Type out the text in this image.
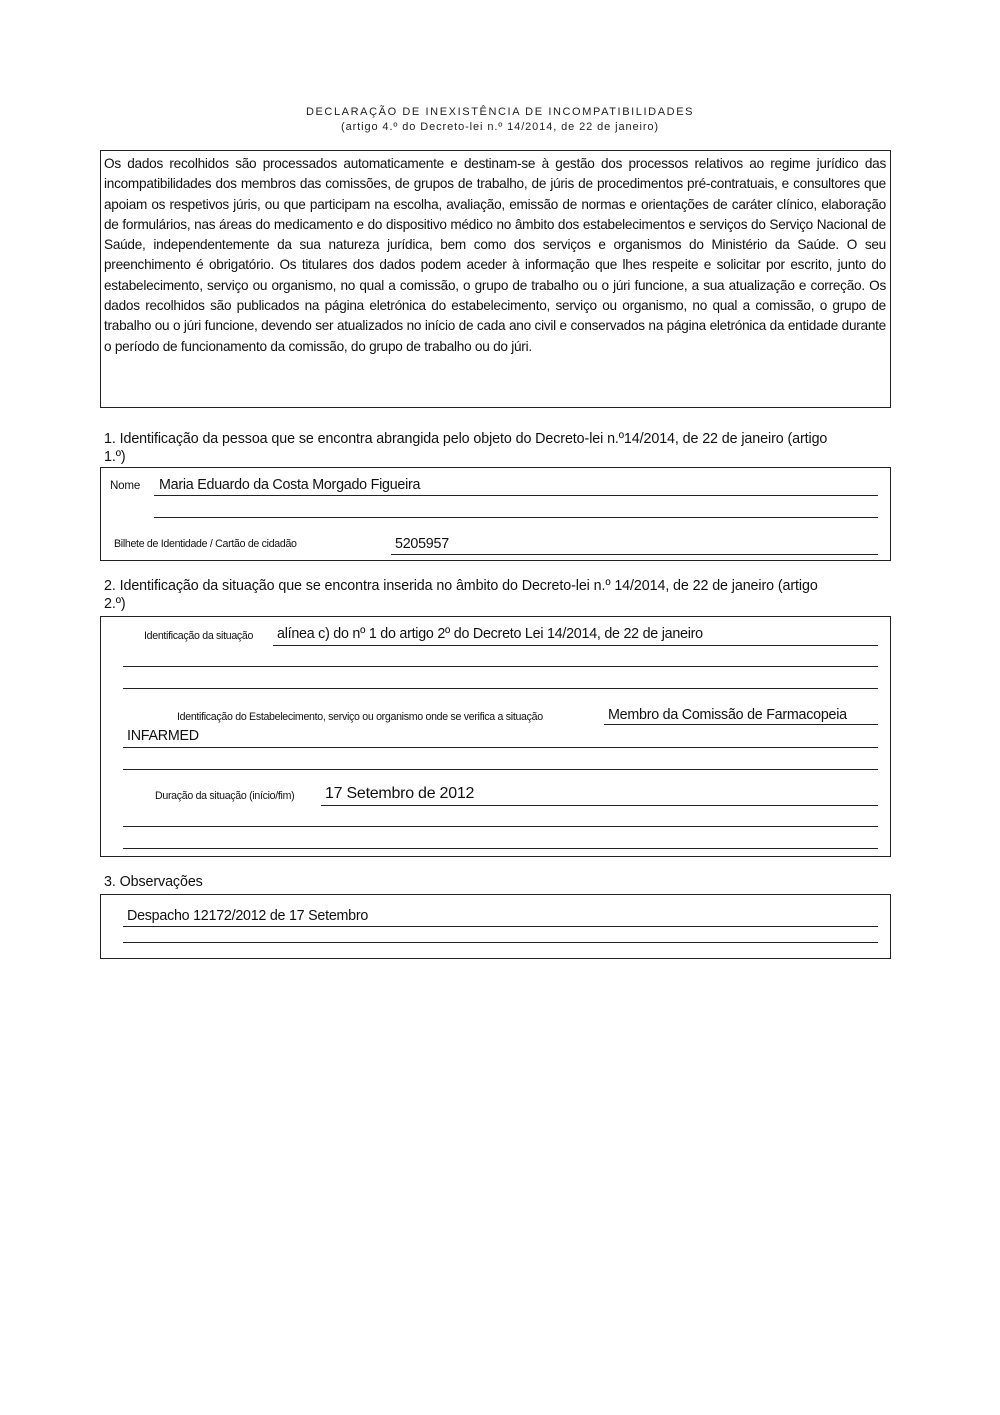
DECLARAÇÃO DE INEXISTÊNCIA DE INCOMPATIBILIDADES
(artigo 4.º do Decreto-lei n.º 14/2014, de 22 de janeiro)
Os dados recolhidos são processados automaticamente e destinam-se à gestão dos processos relativos ao regime jurídico das incompatibilidades dos membros das comissões, de grupos de trabalho, de júris de procedimentos pré-contratuais, e consultores que apoiam os respetivos júris, ou que participam na escolha, avaliação, emissão de normas e orientações de caráter clínico, elaboração de formulários, nas áreas do medicamento e do dispositivo médico no âmbito dos estabelecimentos e serviços do Serviço Nacional de Saúde, independentemente da sua natureza jurídica, bem como dos serviços e organismos do Ministério da Saúde. O seu preenchimento é obrigatório. Os titulares dos dados podem aceder à informação que lhes respeite e solicitar por escrito, junto do estabelecimento, serviço ou organismo, no qual a comissão, o grupo de trabalho ou o júri funcione, a sua atualização e correção. Os dados recolhidos são publicados na página eletrónica do estabelecimento, serviço ou organismo, no qual a comissão, o grupo de trabalho ou o júri funcione, devendo ser atualizados no início de cada ano civil e conservados na página eletrónica da entidade durante o período de funcionamento da comissão, do grupo de trabalho ou do júri.
1. Identificação da pessoa que se encontra abrangida pelo objeto do Decreto-lei n.º14/2014, de 22 de janeiro (artigo
1.º)
Nome Maria Eduardo da Costa Morgado Figueira
Bilhete de Identidade / Cartão de cidadão	5205957
2. Identificação da situação que se encontra inserida no âmbito do Decreto-lei n.º 14/2014, de 22 de janeiro (artigo
2.º)
Identificação da situação alínea c) do nº 1 do artigo 2º do Decreto Lei 14/2014, de 22 de janeiro
Identificação do Estabelecimento, serviço ou organismo onde se verifica a situação	Membro da Comissão de Farmacopeia
INFARMED
Duração da situação (início/fim) 17 Setembro de 2012
3. Observações
Despacho 12172/2012 de 17 Setembro
